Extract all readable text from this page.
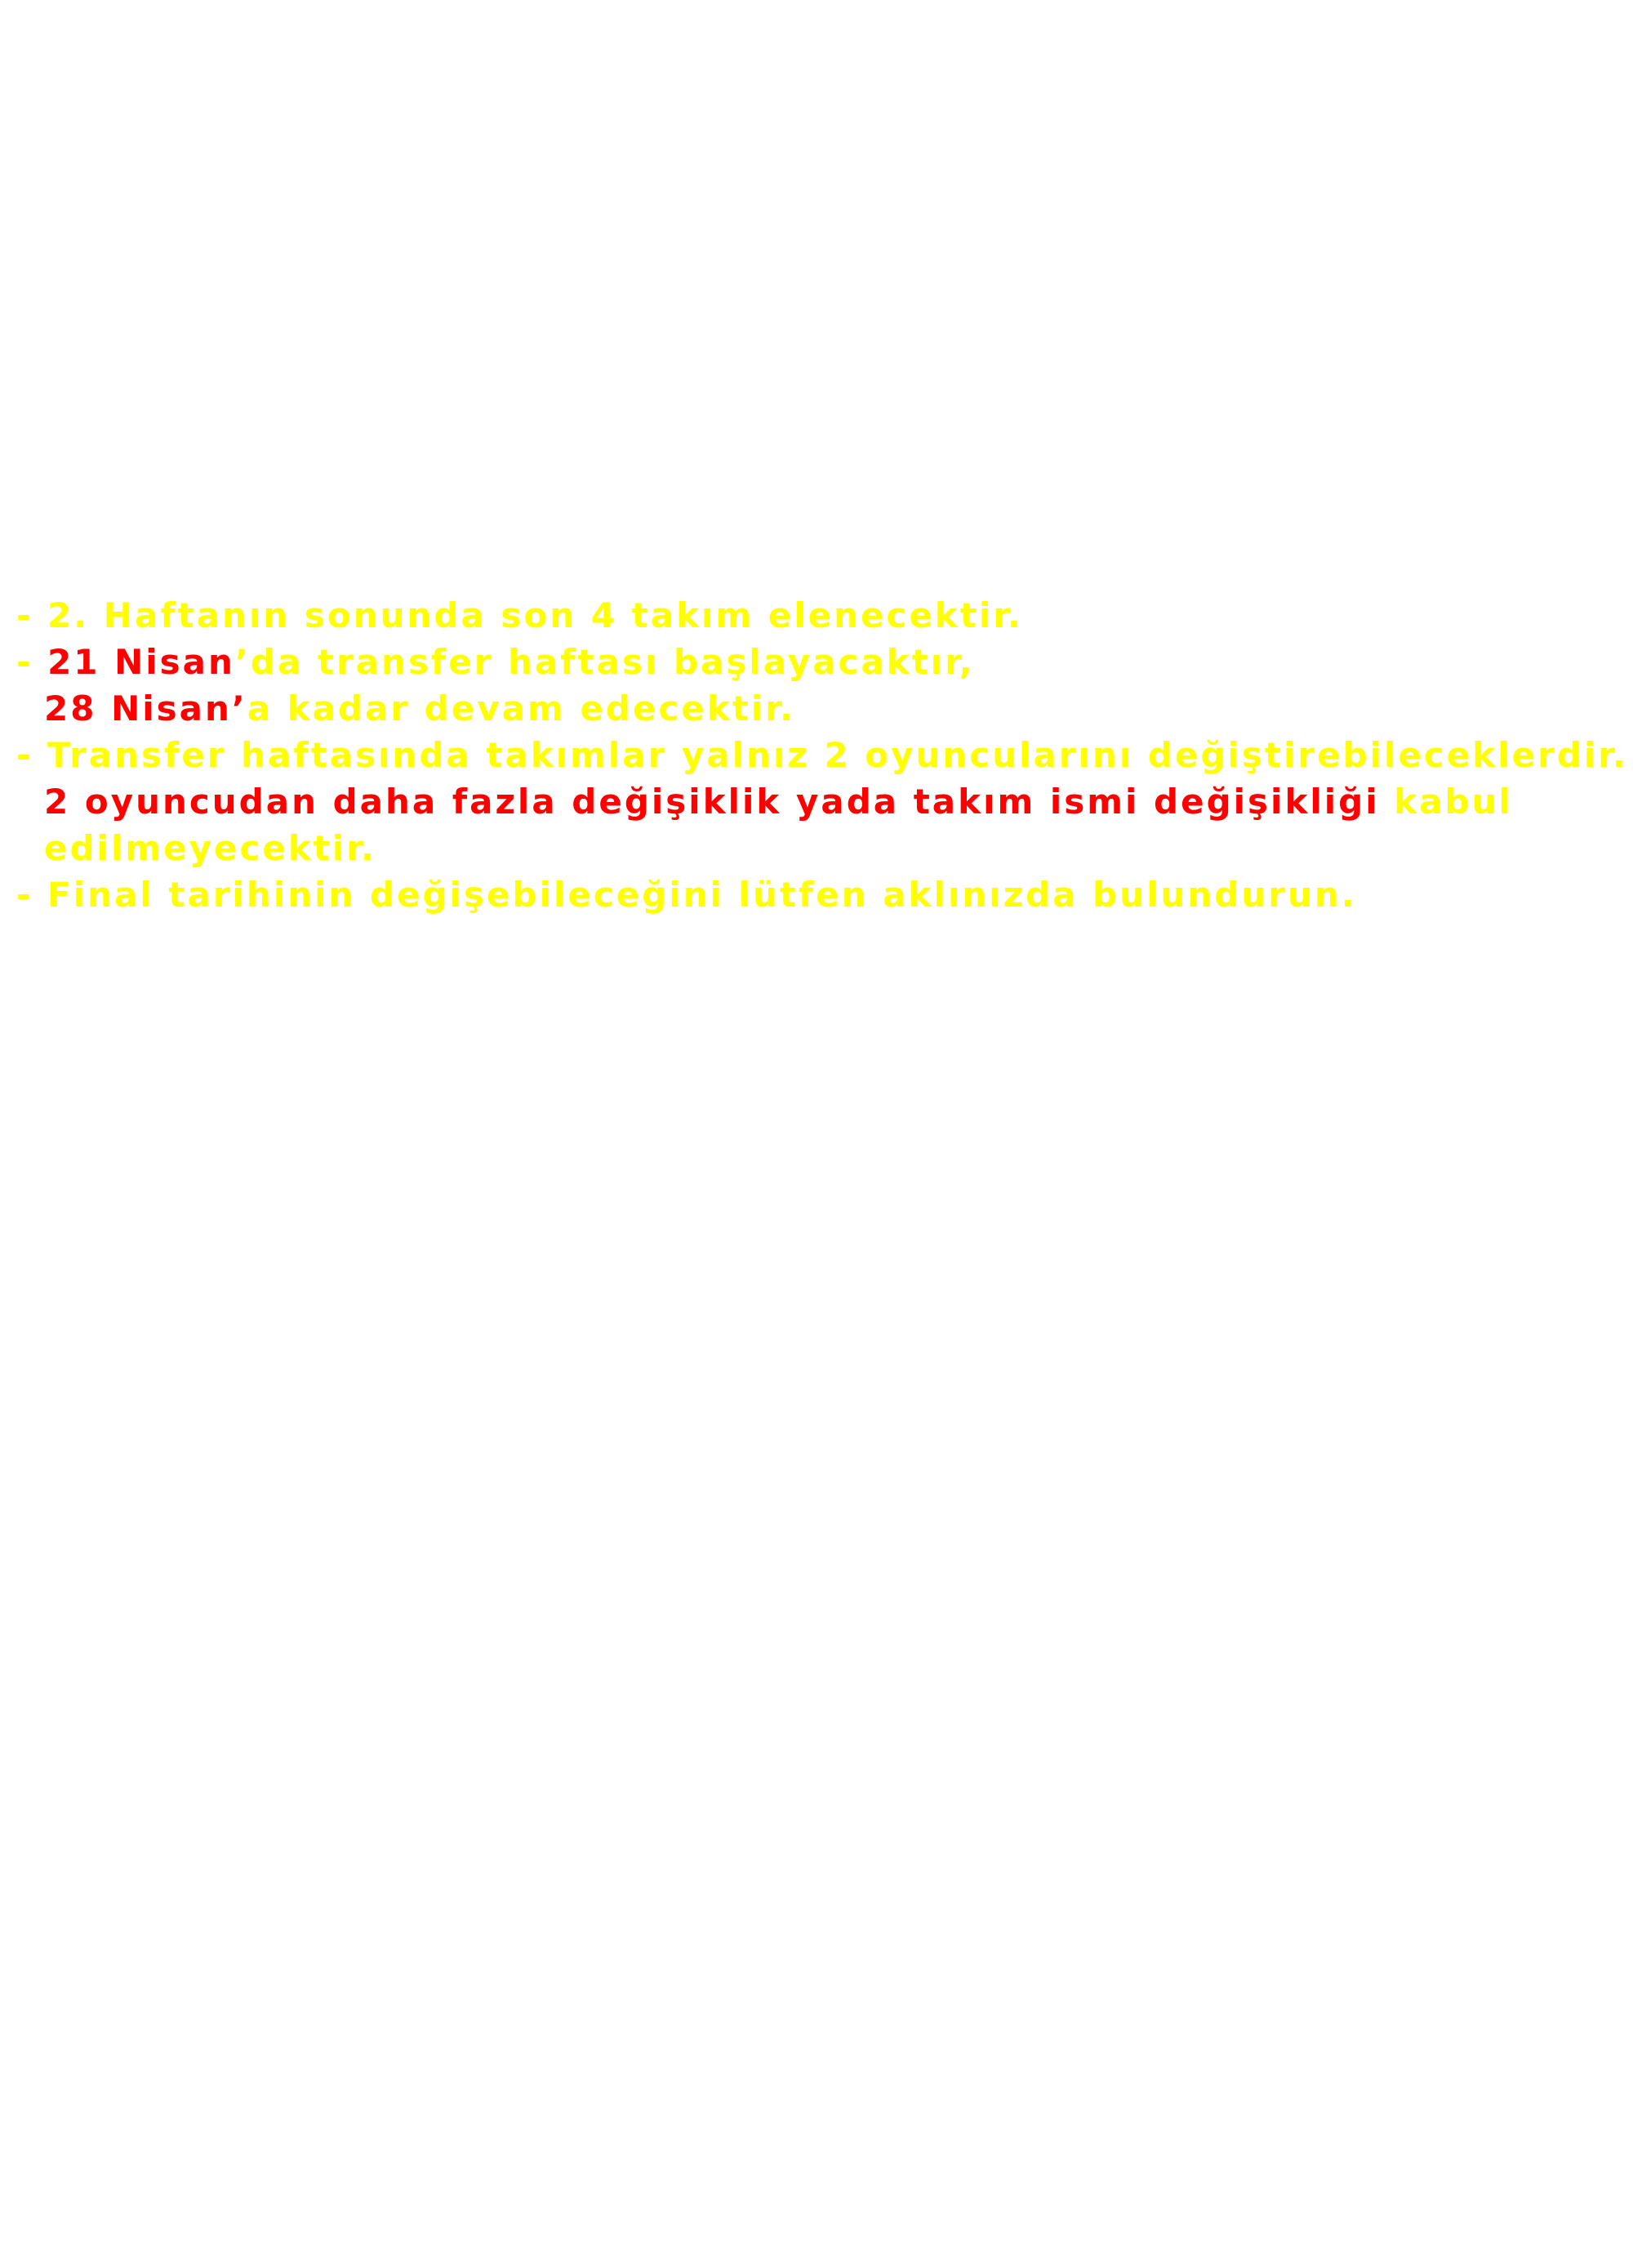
- 2. Haftanın sonunda son 4 takım elenecektir.
- 21 Nisan’da transfer haftası başlayacaktır,
28 Nisan’a kadar devam edecektir.
- Transfer haftasında takımlar yalnız 2 oyuncularını değiştirebileceklerdir.
2 oyuncudan daha fazla değişiklik yada takım ismi değişikliği kabul
edilmeyecektir.
- Final tarihinin değişebileceğini lütfen aklınızda bulundurun.
